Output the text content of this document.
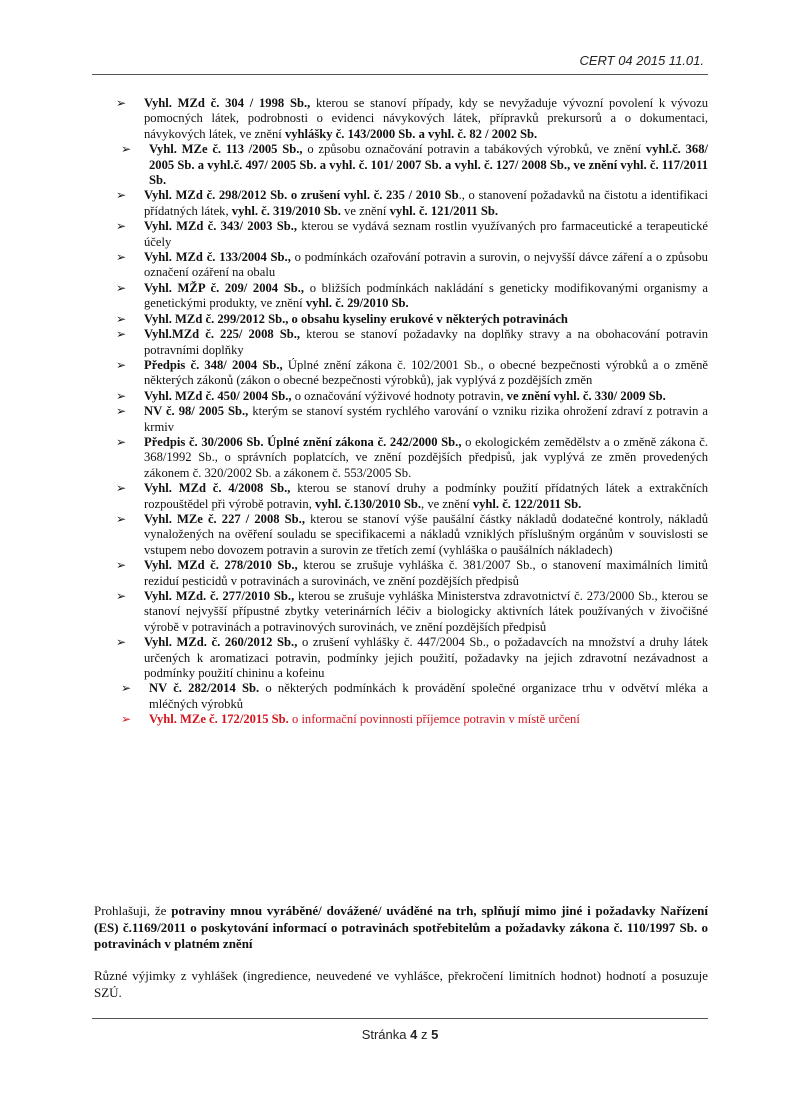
CERT 04 2015 11.01.
➢ Vyhl. MZd č. 304 / 1998 Sb., kterou se stanoví případy, kdy se nevyžaduje vývozní povolení k vývozu pomocných látek, podrobnosti o evidenci návykových látek, přípravků prekursorů a o dokumentaci, návykových látek, ve znění vyhlášky č. 143/2000 Sb. a vyhl. č. 82 / 2002 Sb.
➢ Vyhl. MZe č. 113 /2005 Sb., o způsobu označování potravin a tabákových výrobků, ve znění vyhl.č. 368/ 2005 Sb. a vyhl.č. 497/ 2005 Sb. a vyhl. č. 101/ 2007 Sb. a vyhl. č. 127/ 2008 Sb., ve znění vyhl. č. 117/2011 Sb.
➢ Vyhl. MZd č. 298/2012 Sb. o zrušení vyhl. č. 235 / 2010 Sb., o stanovení požadavků na čistotu a identifikaci přídatných látek, vyhl. č. 319/2010 Sb. ve znění vyhl. č. 121/2011 Sb.
➢ Vyhl. MZd č. 343/ 2003 Sb., kterou se vydává seznam rostlin využívaných pro farmaceutické a terapeutické účely
➢ Vyhl. MZd č. 133/2004 Sb., o podmínkách ozařování potravin a surovin, o nejvyšší dávce záření a o způsobu označení ozáření na obalu
➢ Vyhl. MŽP č. 209/ 2004 Sb., o bližších podmínkách nakládání s geneticky modifikovanými organismy a genetickými produkty, ve znění vyhl. č. 29/2010 Sb.
➢ Vyhl. MZd č. 299/2012 Sb., o obsahu kyseliny erukové v některých potravinách
➢ Vyhl.MZd č. 225/ 2008 Sb., kterou se stanoví požadavky na doplňky stravy a na obohacování potravin potravními doplňky
➢ Předpis č. 348/ 2004 Sb., Úplné znění zákona č. 102/2001 Sb., o obecné bezpečnosti výrobků a o změně některých zákonů (zákon o obecné bezpečnosti výrobků), jak vyplývá z pozdějších změn
➢ Vyhl. MZd č. 450/ 2004 Sb., o označování výživové hodnoty potravin, ve znění vyhl. č. 330/ 2009 Sb.
➢ NV č. 98/ 2005 Sb., kterým se stanoví systém rychlého varování o vzniku rizika ohrožení zdraví z potravin a krmiv
➢ Předpis č. 30/2006 Sb. Úplné znění zákona č. 242/2000 Sb., o ekologickém zemědělstv a o změně zákona č. 368/1992 Sb., o správních poplatcích, ve znění pozdějších předpisů, jak vyplývá ze změn provedených zákonem č. 320/2002 Sb. a zákonem č. 553/2005 Sb.
➢ Vyhl. MZd č. 4/2008 Sb., kterou se stanoví druhy a podmínky použití přídatných látek a extrakčních rozpouštědel při výrobě potravin, vyhl. č.130/2010 Sb., ve znění vyhl. č. 122/2011 Sb.
➢ Vyhl. MZe č. 227 / 2008 Sb., kterou se stanoví výše paušální částky nákladů dodatečné kontroly, nákladů vynaložených na ověření souladu se specifikacemi a nákladů vzniklých příslušným orgánům v souvislosti se vstupem nebo dovozem potravin a surovin ze třetích zemí (vyhláška o paušálních nákladech)
➢ Vyhl. MZd č. 278/2010 Sb., kterou se zrušuje vyhláška č. 381/2007 Sb., o stanovení maximálních limitů reziduí pesticidů v potravinách a surovinách, ve znění pozdějších předpisů
➢ Vyhl. MZd. č. 277/2010 Sb., kterou se zrušuje vyhláška Ministerstva zdravotnictví č. 273/2000 Sb., kterou se stanoví nejvyšší přípustné zbytky veterinárních léčiv a biologicky aktivních látek používaných v živočišné výrobě v potravinách a potravinových surovinách, ve znění pozdějších předpisů
➢ Vyhl. MZd. č. 260/2012 Sb., o zrušení vyhlášky č. 447/2004 Sb., o požadavcích na množství a druhy látek určených k aromatizaci potravin, podmínky jejich použití, požadavky na jejich zdravotní nezávadnost a podmínky použití chininu a kofeinu
➢ NV č. 282/2014 Sb. o některých podmínkách k provádění společné organizace trhu v odvětví mléka a mléčných výrobků
➢ Vyhl. MZe č. 172/2015 Sb. o informační povinnosti příjemce potravin v místě určení

Prohlašuji, že potraviny mnou vyráběné/ dovážené/ uváděné na trh, splňují mimo jiné i požadavky Nařízení (ES) č.1169/2011 o poskytování informací o potravinách spotřebitelům a požadavky zákona č. 110/1997 Sb. o potravinách v platném znění

Různé výjimky z vyhlášek (ingredience, neuvedené ve vyhlášce, překročení limitních hodnot) hodnotí a posuzuje SZÚ.

Stránka 4 z 5
